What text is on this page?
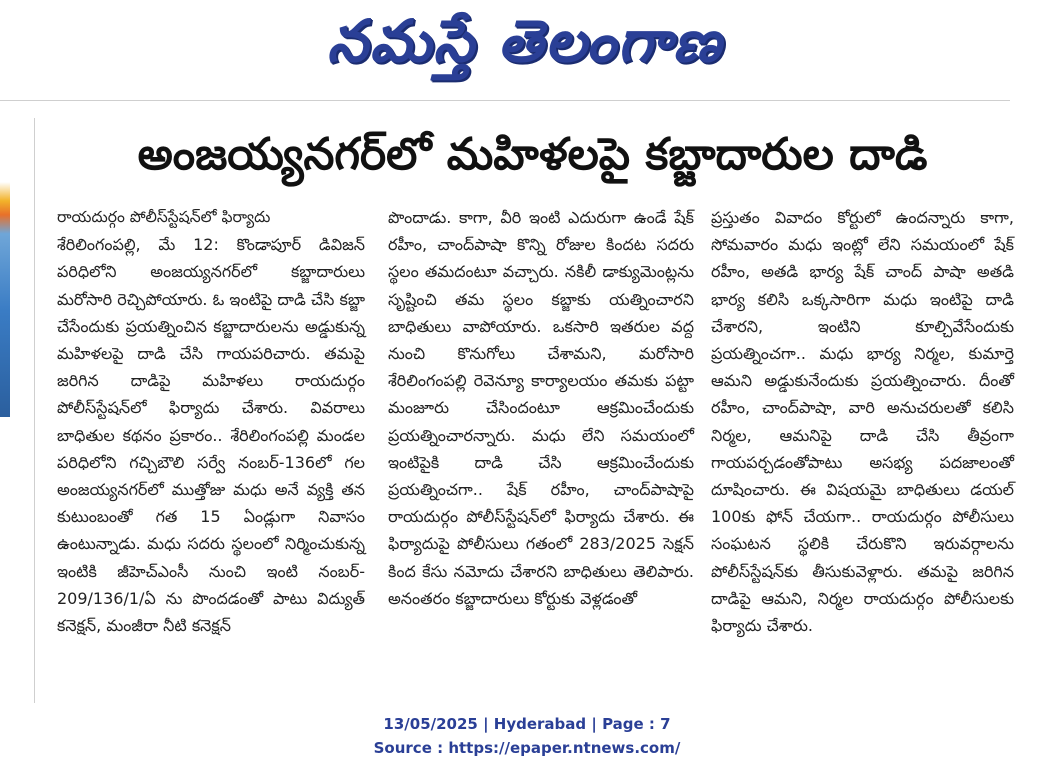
నమస్తే తెలంగాణ
అంజయ్యనగర్‌లో మహిళలపై కబ్జాదారుల దాడి
రాయదుర్గం పోలీస్‌స్టేషన్‌లో ఫిర్యాదు

శేరిలింగంపల్లి, మే 12: కొండాపూర్ డివిజన్ పరిధిలోని అంజయ్యనగర్‌లో కబ్జాదారులు మరోసారి రెచ్చిపోయారు. ఓ ఇంటిపై దాడి చేసి కబ్జా చేసేందుకు ప్రయత్నించిన కబ్జాదారులను అడ్డుకున్న మహిళలపై దాడి చేసి గాయపరిచారు. తమపై జరిగిన దాడిపై మహిళలు రాయదుర్గం పోలీస్‌స్టేషన్‌లో ఫిర్యాదు చేశారు. వివరాలు బాధితుల కథనం ప్రకారం.. శేరిలింగంపల్లి మండల పరిధిలోని గచ్చిబౌలి సర్వే నంబర్-136లో గల అంజయ్యనగర్‌లో ముత్తోజు మధు అనే వ్యక్తి తన కుటుంబంతో గత 15 ఏండ్లుగా నివాసం ఉంటున్నాడు. మధు సదరు స్థలంలో నిర్మించుకున్న ఇంటికి జీహెచ్‌ఎంసీ నుంచి ఇంటి నంబర్- 209/136/1/ఏ ను పొందడంతో పాటు విద్యుత్ కనెక్షన్, మంజీరా నీటి కనెక్షన్

పొందాడు. కాగా, వీరి ఇంటి ఎదురుగా ఉండే షేక్ రహీం, చాంద్‌పాషా కొన్ని రోజుల కిందట సదరు స్థలం తమదంటూ వచ్చారు. నకిలీ డాక్యుమెంట్లను సృష్టించి తమ స్థలం కబ్జాకు యత్నించారని బాధితులు వాపోయారు. ఒకసారి ఇతరుల వద్ద నుంచి కొనుగోలు చేశామని, మరోసారి శేరిలింగంపల్లి రెవెన్యూ కార్యాలయం తమకు పట్టా మంజూరు చేసిందంటూ ఆక్రమించేందుకు ప్రయత్నించారన్నారు. మధు లేని సమయంలో ఇంటిపైకి దాడి చేసి ఆక్రమించేందుకు ప్రయత్నించగా.. షేక్ రహీం, చాంద్‌పాషాపై రాయదుర్గం పోలీస్‌స్టేషన్‌లో ఫిర్యాదు చేశారు. ఈ ఫిర్యాదుపై పోలీసులు గతంలో 283/2025 సెక్షన్ కింద కేసు నమోదు చేశారని బాధితులు తెలిపారు. అనంతరం కబ్జాదారులు కోర్టుకు వెళ్లడంతో

ప్రస్తుతం వివాదం కోర్టులో ఉందన్నారు కాగా, సోమవారం మధు ఇంట్లో లేని సమయంలో షేక్ రహీం, అతడి భార్య షేక్ చాంద్ పాషా అతడి భార్య కలిసి ఒక్కసారిగా మధు ఇంటిపై దాడి చేశారని, ఇంటిని కూల్చివేసేందుకు ప్రయత్నించగా.. మధు భార్య నిర్మల, కుమార్తె ఆమని అడ్డుకునేందుకు ప్రయత్నించారు. దీంతో రహీం, చాంద్‌పాషా, వారి అనుచరులతో కలిసి నిర్మల, ఆమనిపై దాడి చేసి తీవ్రంగా గాయపర్చడంతోపాటు అసభ్య పదజాలంతో దూషించారు. ఈ విషయమై బాధితులు డయల్ 100కు ఫోన్ చేయగా.. రాయదుర్గం పోలీసులు సంఘటన స్థలికి చేరుకొని ఇరువర్గాలను పోలీస్‌స్టేషన్‌కు తీసుకువెళ్లారు. తమపై జరిగిన దాడిపై ఆమని, నిర్మల రాయదుర్గం పోలీసులకు ఫిర్యాదు చేశారు.

13/05/2025 | Hyderabad | Page : 7
Source : https://epaper.ntnews.com/
